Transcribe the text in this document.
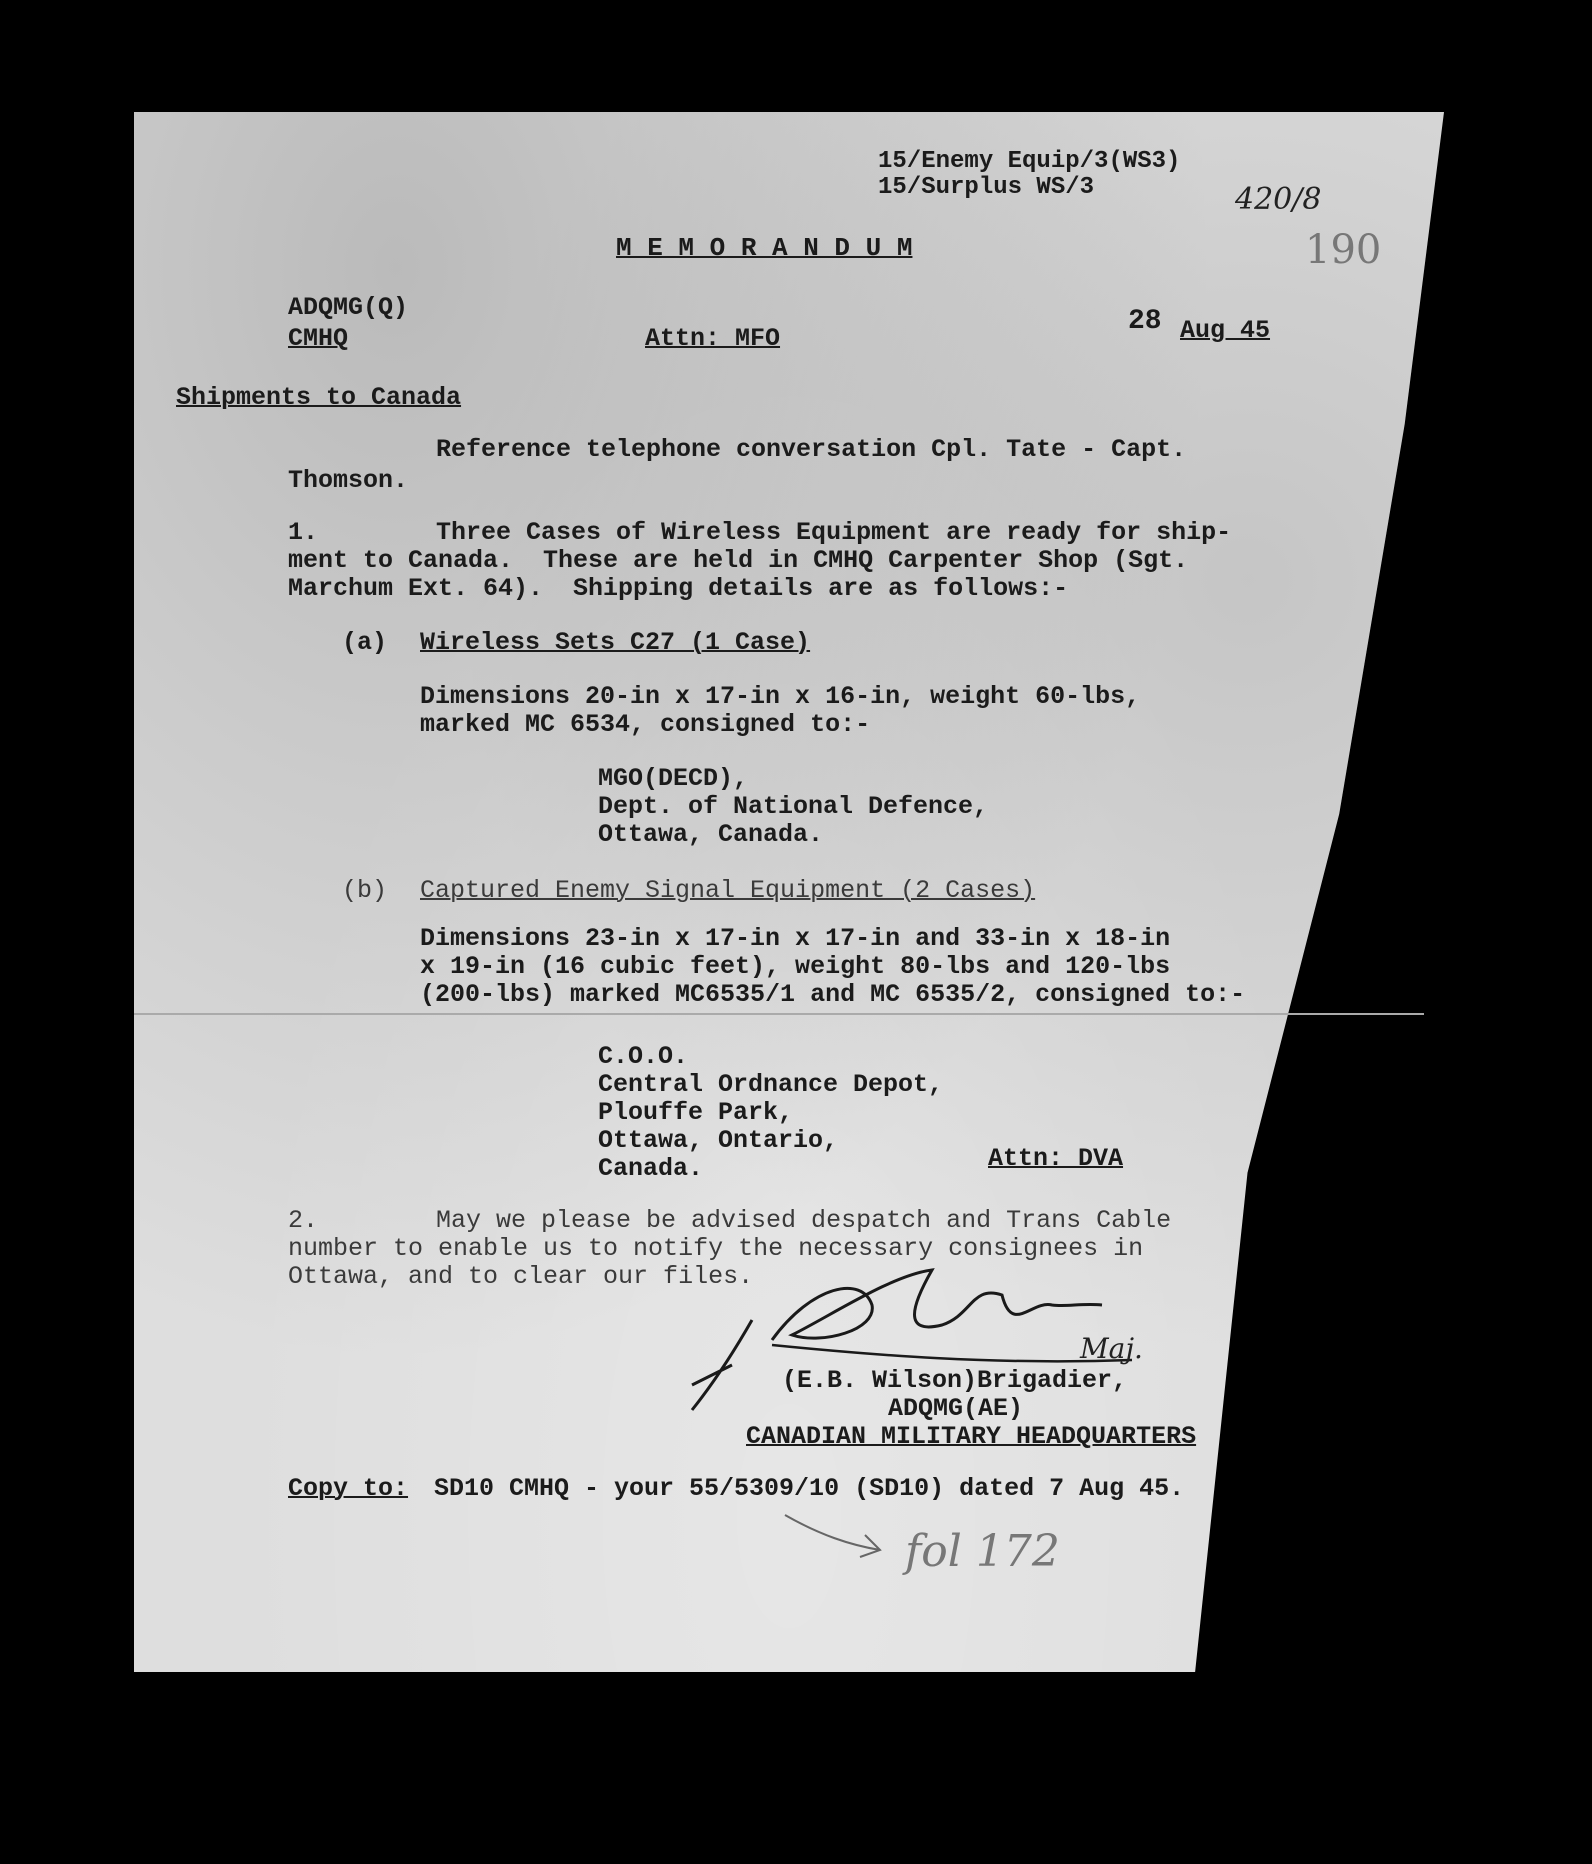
15/Enemy Equip/3(WS3)
15/Surplus WS/3	420/8
190
M E M O R A N D U M
ADQMG(Q)
CMHQ	Attn: MFO
28 Aug 45
Shipments to Canada
Reference telephone conversation Cpl. Tate - Capt.
Thomson.
1.	Three Cases of Wireless Equipment are ready for ship-
ment to Canada.  These are held in CMHQ Carpenter Shop (Sgt.
Marchum Ext. 64).  Shipping details are as follows:-
(a) Wireless Sets C27 (1 Case)
Dimensions 20-in x 17-in x 16-in, weight 60-lbs,
marked MC 6534, consigned to:-
MGO(DECD),
Dept. of National Defence,
Ottawa, Canada.
(b) Captured Enemy Signal Equipment (2 Cases)
Dimensions 23-in x 17-in x 17-in and 33-in x 18-in
x 19-in (16 cubic feet), weight 80-lbs and 120-lbs
(200-lbs) marked MC6535/1 and MC 6535/2, consigned to:-
C.O.O.
Central Ordnance Depot,
Plouffe Park,
Ottawa, Ontario,
Canada.	Attn: DVA
2.	May we please be advised despatch and Trans Cable
number to enable us to notify the necessary consignees in
Ottawa, and to clear our files.
Maj.
(E.B. Wilson)Brigadier,
ADQMG(AE)
CANADIAN MILITARY HEADQUARTERS
Copy to: SD10 CMHQ - your 55/5309/10 (SD10) dated 7 Aug 45.
fol 172
